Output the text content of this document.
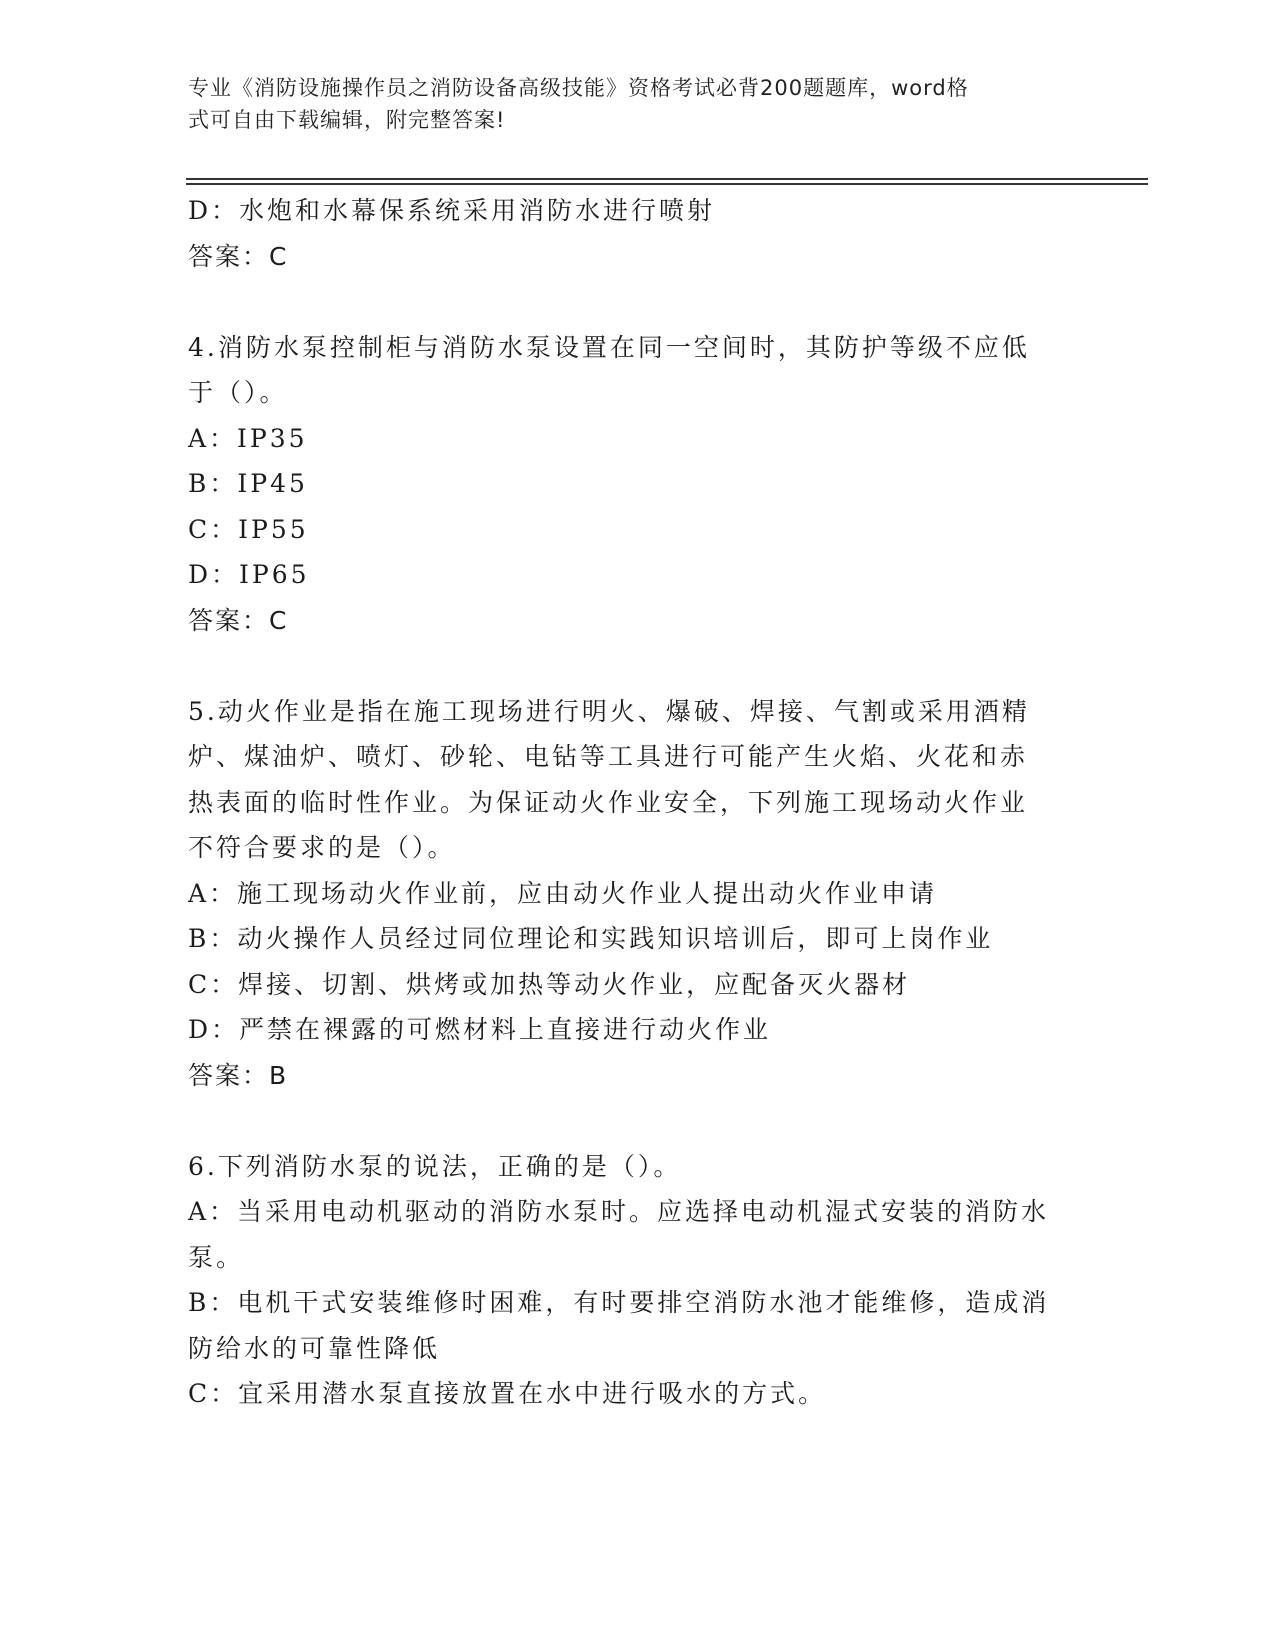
专业《消防设施操作员之消防设备高级技能》资格考试必背200题题库，word格
式可自由下载编辑，附完整答案!
D：水炮和水幕保系统采用消防水进行喷射
答案：C
4.消防水泵控制柜与消防水泵设置在同一空间时，其防护等级不应低
于（）。
A：IP35
B：IP45
C：IP55
D：IP65
答案：C
5.动火作业是指在施工现场进行明火、爆破、焊接、气割或采用酒精
炉、煤油炉、喷灯、砂轮、电钻等工具进行可能产生火焰、火花和赤
热表面的临时性作业。为保证动火作业安全，下列施工现场动火作业
不符合要求的是（）。
A：施工现场动火作业前，应由动火作业人提出动火作业申请
B：动火操作人员经过同位理论和实践知识培训后，即可上岗作业
C：焊接、切割、烘烤或加热等动火作业，应配备灭火器材
D：严禁在裸露的可燃材料上直接进行动火作业
答案：B
6.下列消防水泵的说法，正确的是（）。
A：当采用电动机驱动的消防水泵时。应选择电动机湿式安装的消防水
泵。
B：电机干式安装维修时困难，有时要排空消防水池才能维修，造成消
防给水的可靠性降低
C：宜采用潜水泵直接放置在水中进行吸水的方式。
